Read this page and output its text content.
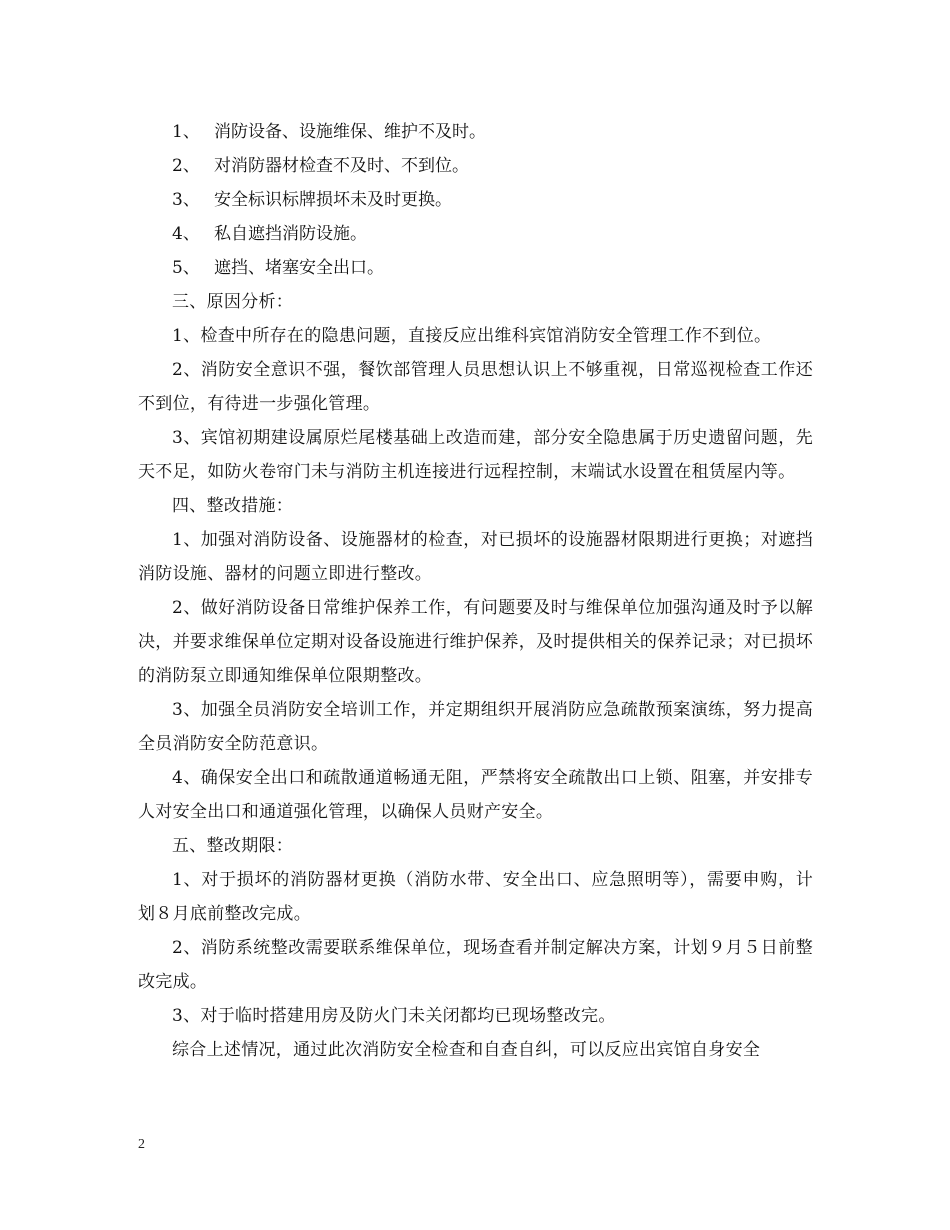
1、 消防设备、设施维保、维护不及时。

2、 对消防器材检查不及时、不到位。

3、 安全标识标牌损坏未及时更换。

4、 私自遮挡消防设施。

5、 遮挡、堵塞安全出口。

三、原因分析：

1、检查中所存在的隐患问题，直接反应出维科宾馆消防安全管理工作不到位。

2、消防安全意识不强，餐饮部管理人员思想认识上不够重视，日常巡视检查工作还不到位，有待进一步强化管理。

3、宾馆初期建设属原烂尾楼基础上改造而建，部分安全隐患属于历史遗留问题，先天不足，如防火卷帘门未与消防主机连接进行远程控制，末端试水设置在租赁屋内等。

四、整改措施：

1、加强对消防设备、设施器材的检查，对已损坏的设施器材限期进行更换；对遮挡消防设施、器材的问题立即进行整改。

2、做好消防设备日常维护保养工作，有问题要及时与维保单位加强沟通及时予以解决，并要求维保单位定期对设备设施进行维护保养，及时提供相关的保养记录；对已损坏的消防泵立即通知维保单位限期整改。

3、加强全员消防安全培训工作，并定期组织开展消防应急疏散预案演练，努力提高全员消防安全防范意识。

4、确保安全出口和疏散通道畅通无阻，严禁将安全疏散出口上锁、阻塞，并安排专人对安全出口和通道强化管理，以确保人员财产安全。

五、整改期限：

1、对于损坏的消防器材更换（消防水带、安全出口、应急照明等），需要申购，计划８月底前整改完成。

2、消防系统整改需要联系维保单位，现场查看并制定解决方案，计划９月５日前整改完成。

3、对于临时搭建用房及防火门未关闭都均已现场整改完。

综合上述情况，通过此次消防安全检查和自查自纠，可以反应出宾馆自身安全

2
